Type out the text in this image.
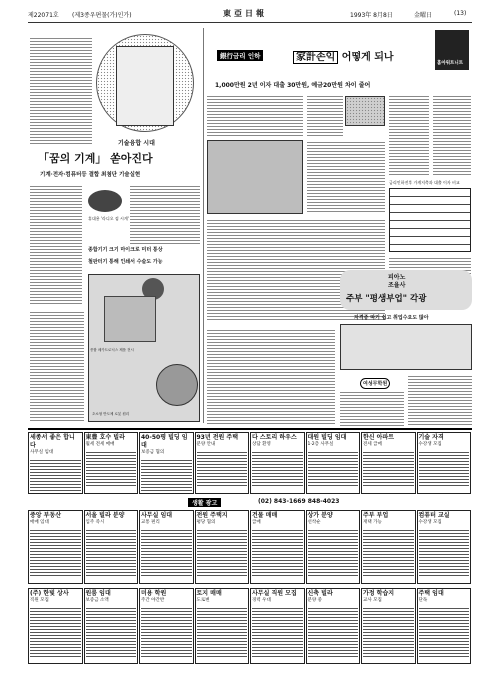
제22071호 (제3종우편물(가)인가)	東亞日報	1993年 8月8日	金曜日	(13)
기술융합 시대
「꿈의 기계」 쏟아진다
기계·전자·컴퓨터등 결합 최첨단 기술실현
휴대용 '라디오 겸 시계'
종합기기 크기 마이크로 미터 통상
철판터기 통해 인쇄서 수술도 가능
종합 메카트로닉스 제품 전시
초소형 반도체 로봇 원리
銀行금리 인하	家計손익 어떻게 되나
1,000만원 2년 이자 대출 30만원, 예금20만원 차이 줄어
홈아워트니트
금리인하전후 가계저축과 대출 이자 비교
피아노
조율사
주부 "평생부업" 각광
자격증 따기 쉽고 취업수요도 많아
여성무학원
생활 광고	(02) 843-1669 848-4023
세종서 좋은 합니다
사무실 임대
東豊 호수 빌라
월세 전세 매매
40-50평 빌딩 임대
보증금 협의
93년 전원 주택
분양 안내
다 스토리 하우스
상담 환영
대원 빌딩 임대
1·2층 사무실
한신 아파트
전세 급매
기술 자격
수강생 모집
중앙 부동산
매매 임대
서울 빌라 분양
입주 즉시
사무실 임대
교통 편리
전원 주택지
평당 협의
건물 매매
급매
상가 분양
선착순
주부 부업
재택 가능
컴퓨터 교실
수강생 모집
(주) 한빛 상사
직원 모집
원룸 임대
보증금 소액
미용 학원
주간 야간반
토지 매매
도로변
사무실 직원 모집
경력 우대
신축 빌라
분양 중
가정 학습지
교사 모집
주택 임대
단독
